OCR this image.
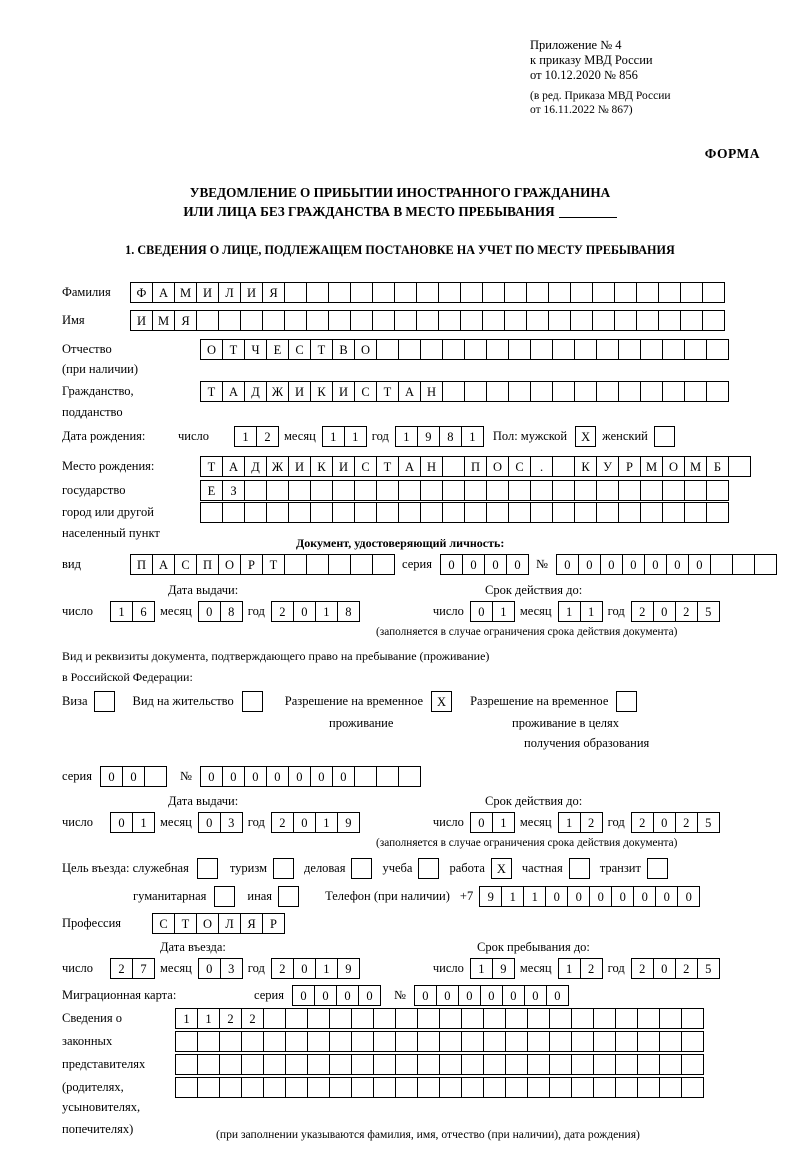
Приложение № 4
к приказу МВД России
от 10.12.2020 № 856
(в ред. Приказа МВД России
от 16.11.2022 № 867)
ФОРМА
УВЕДОМЛЕНИЕ О ПРИБЫТИИ ИНОСТРАННОГО ГРАЖДАНИНА
ИЛИ ЛИЦА БЕЗ ГРАЖДАНСТВА В МЕСТО ПРЕБЫВАНИЯ
1. СВЕДЕНИЯ О ЛИЦЕ, ПОДЛЕЖАЩЕМ ПОСТАНОВКЕ НА УЧЕТ ПО МЕСТУ ПРЕБЫВАНИЯ
Фамилия	Ф	А М И	Л	И	Я
Имя	И М Я
Отчество	О	Т	Ч	Е	С	Т	В	О
(при наличии)
Гражданство,	Т	А	Д Ж И	К	И	С	Т	А	Н
подданство
Дата рождения:	число	1	2	месяц	1	1	год	1	9	8	1	Пол: мужской	X женский
Место рождения:	Т	А	Д Ж И	К	И	С	Т	А	Н	П	О	С	.	К	У	Р	М О М	Б
государство	Е	З
город или другой
населенный пункт
Документ, удостоверяющий личность:
вид	П	А	С	П	О	Р	Т	серия	0	0	0	0	№	0	0	0	0	0	0	0
Дата выдачи:	Срок действия до:
число	1	6	месяц	0	8	год	2	0	1	8	число	0	1	месяц	1	1	год	2	0	2	5
(заполняется в случае ограничения срока действия документа)
Вид и реквизиты документа, подтверждающего право на пребывание (проживание)
в Российской Федерации:
Виза	Вид на жительство	Разрешение на временное	X	Разрешение на временное
проживание	проживание в целях
получения образования
серия	0	0	№	0	0	0	0	0	0	0
Дата выдачи:	Срок действия до:
число	0	1	месяц	0	3	год	2	0	1	9	число	0	1	месяц	1	2	год	2	0	2	5
(заполняется в случае ограничения срока действия документа)
Цель въезда: служебная	туризм	деловая	учеба	работа X	частная	транзит
гуманитарная	иная	Телефон (при наличии) +7	9	1	1	0	0	0	0	0	0	0
Профессия	С	Т	О	Л	Я	Р
Дата въезда:	Срок пребывания до:
число	2	7	месяц	0	3	год	2	0	1	9	число	1	9	месяц	1	2	год	2	0	2	5
Миграционная карта:	серия	0	0	0	0	№	0	0	0	0	0	0	0
Сведения о	1	1	2	2
законных
представителях
(родителях,
усыновителях,
попечителях)	(при заполнении указываются фамилия, имя, отчество (при наличии), дата рождения)
